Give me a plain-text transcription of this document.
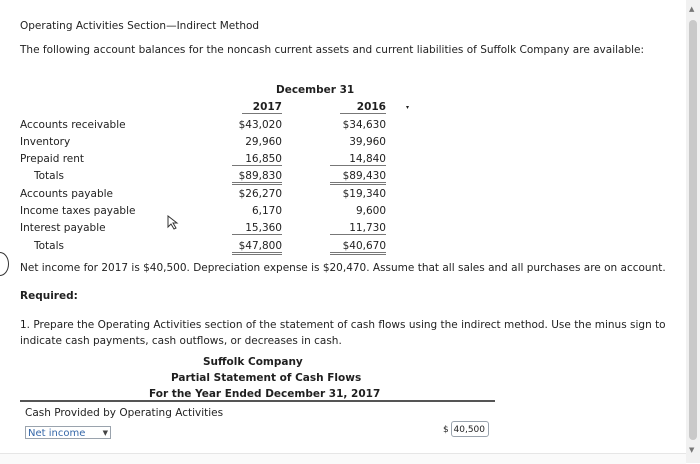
Operating Activities Section—Indirect Method
The following account balances for the noncash current assets and current liabilities of Suffolk Company are available:
December 31
2017	2016	▾
Accounts receivable	$43,020	$34,630
Inventory	29,960	39,960
Prepaid rent	16,850	14,840
Totals	$89,830	$89,430
Accounts payable	$26,270	$19,340
Income taxes payable	6,170	9,600
Interest payable	15,360	11,730
Totals	$47,800	$40,670
Net income for 2017 is $40,500. Depreciation expense is $20,470. Assume that all sales and all purchases are on account.
Required:
1. Prepare the Operating Activities section of the statement of cash flows using the indirect method. Use the minus sign to
indicate cash payments, cash outflows, or decreases in cash.
Suffolk Company
Partial Statement of Cash Flows
For the Year Ended December 31, 2017
Cash Provided by Operating Activities
Net income ▼	$ 40,500
▲
▼
